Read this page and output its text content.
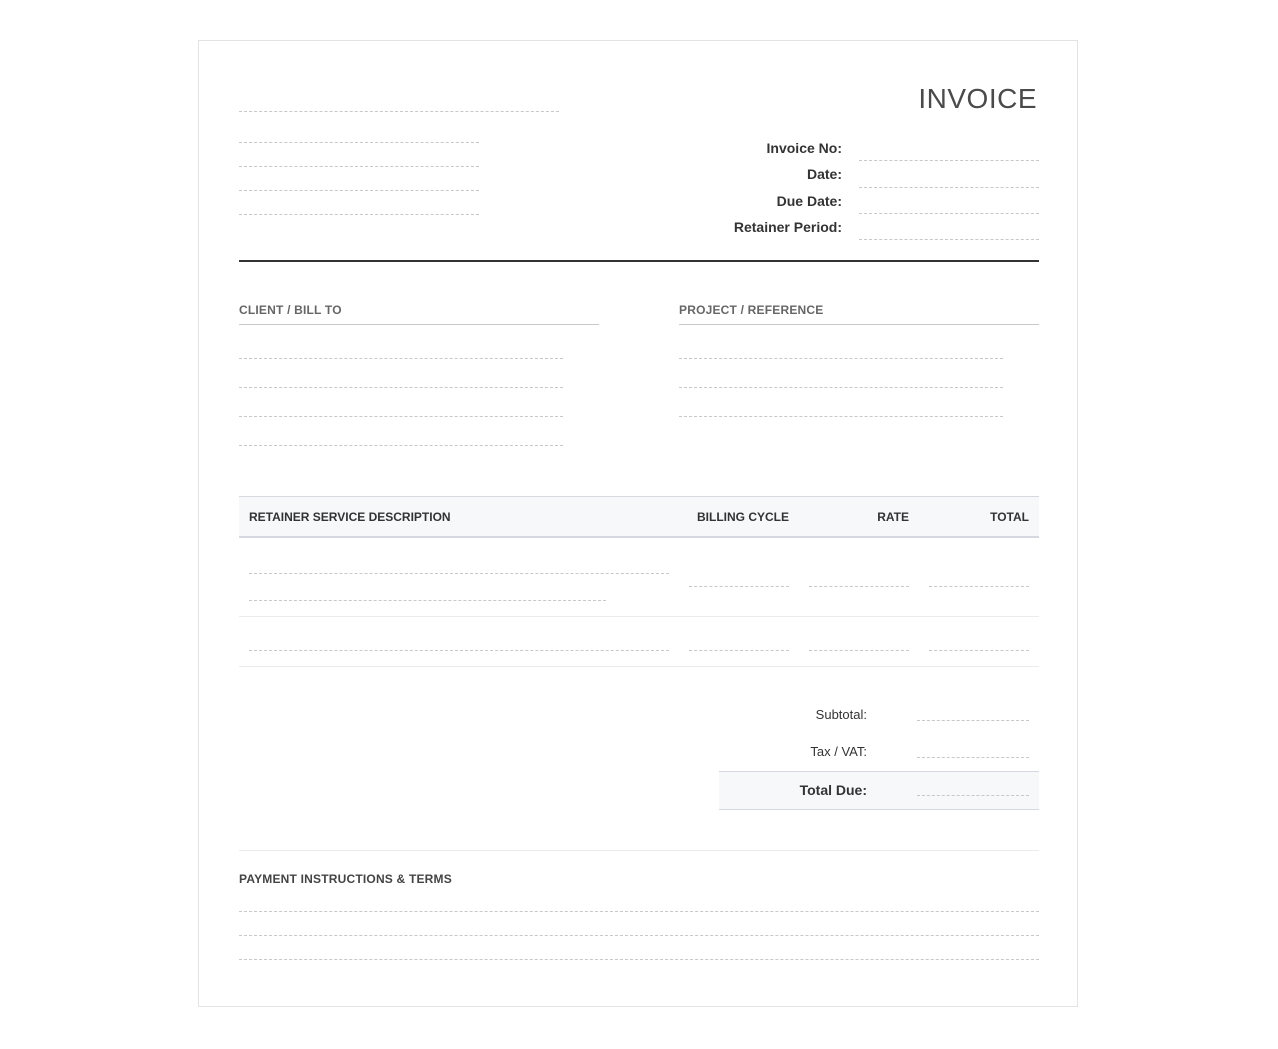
INVOICE
Invoice No:
Date:
Due Date:
Retainer Period:
CLIENT / BILL TO	PROJECT / REFERENCE
RETAINER SERVICE DESCRIPTION	BILLING CYCLE	RATE	TOTAL
Subtotal:
Tax / VAT:
Total Due:
PAYMENT INSTRUCTIONS & TERMS
